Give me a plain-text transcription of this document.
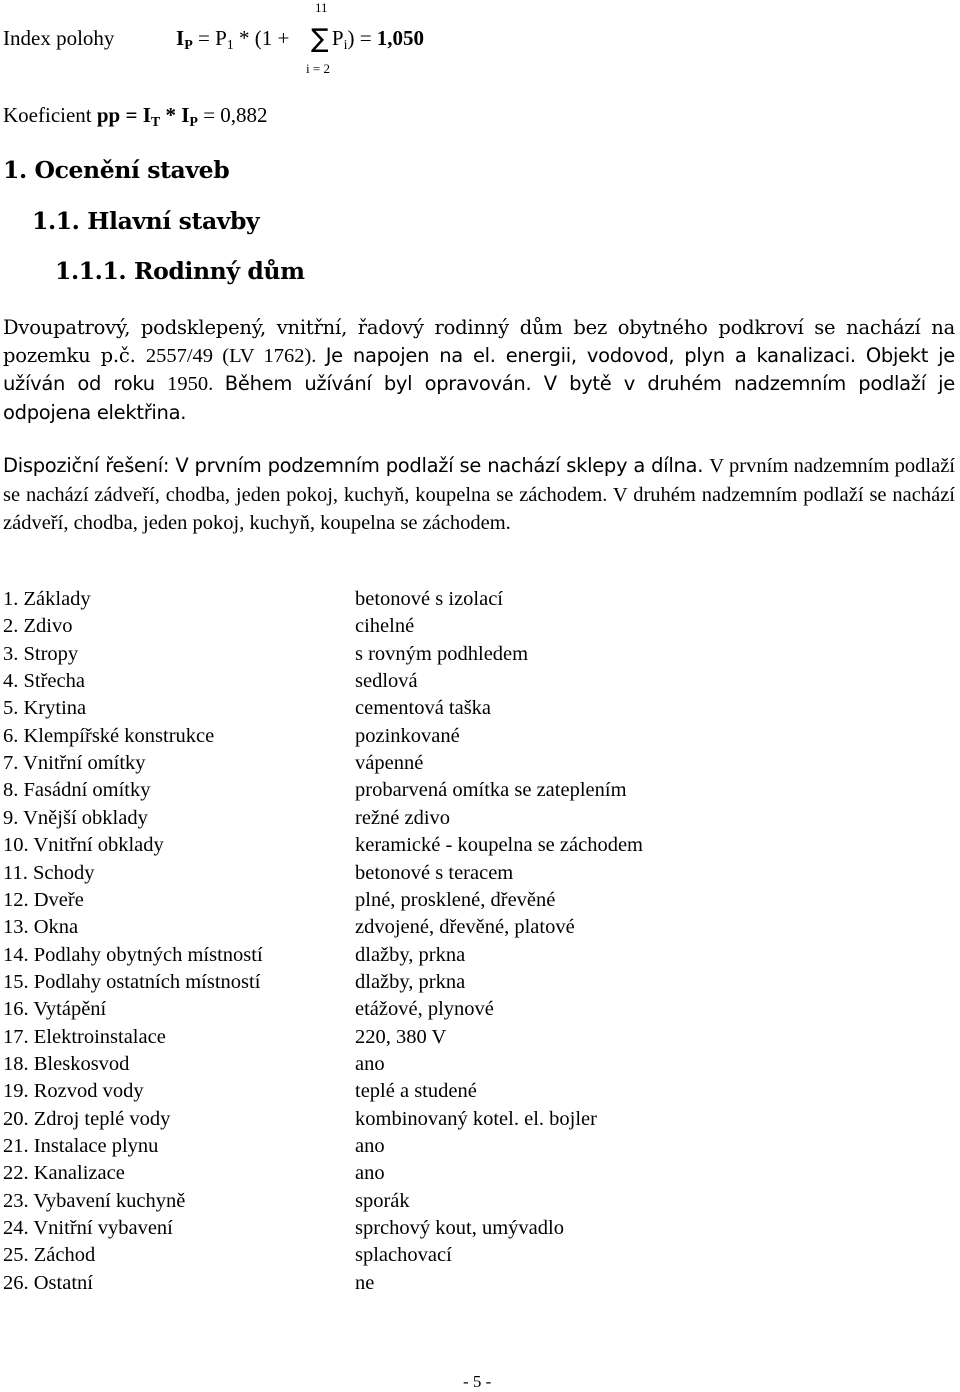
Index polohy	$I_P = P_1 * (1 + P_i) = 1,050$
11
∑
i = 2
Koeficient pp = $I_T * I_P = 0,882$
1. Ocenění staveb
1.1. Hlavní stavby
1.1.1. Rodinný dům
Dvoupatrový, podsklepený, vnitřní, řadový rodinný dům bez obytného podkroví se nachází na pozemku p.č. 2557/49 (LV 1762). Je napojen na el. energii, vodovod, plyn a kanalizaci. Objekt je užíván od roku 1950. Během užívání byl opravován. V bytě v druhém nadzemním podlaží je odpojena elektřina.
Dispoziční řešení: V prvním podzemním podlaží se nachází sklepy a dílna. V prvním nadzemním podlaží se nachází zádveří, chodba, jeden pokoj, kuchyň, koupelna se záchodem. V druhém nadzemním podlaží se nachází zádveří, chodba, jeden pokoj, kuchyň, koupelna se záchodem.
1. Základy	betonové s izolací
2. Zdivo	cihelné
3. Stropy	s rovným podhledem
4. Střecha	sedlová
5. Krytina	cementová taška
6. Klempířské konstrukce	pozinkované
7. Vnitřní omítky	vápenné
8. Fasádní omítky	probarvená omítka se zateplením
9. Vnější obklady	režné zdivo
10. Vnitřní obklady	keramické - koupelna se záchodem
11. Schody	betonové s teracem
12. Dveře	plné, prosklené, dřevěné
13. Okna	zdvojené, dřevěné, platové
14. Podlahy obytných místností	dlažby, prkna
15. Podlahy ostatních místností	dlažby, prkna
16. Vytápění	etážové, plynové
17. Elektroinstalace	220, 380 V
18. Bleskosvod	ano
19. Rozvod vody	teplé a studené
20. Zdroj teplé vody	kombinovaný kotel. el. bojler
21. Instalace plynu	ano
22. Kanalizace	ano
23. Vybavení kuchyně	sporák
24. Vnitřní vybavení	sprchový kout, umývadlo
25. Záchod	splachovací
26. Ostatní	ne
- 5 -
